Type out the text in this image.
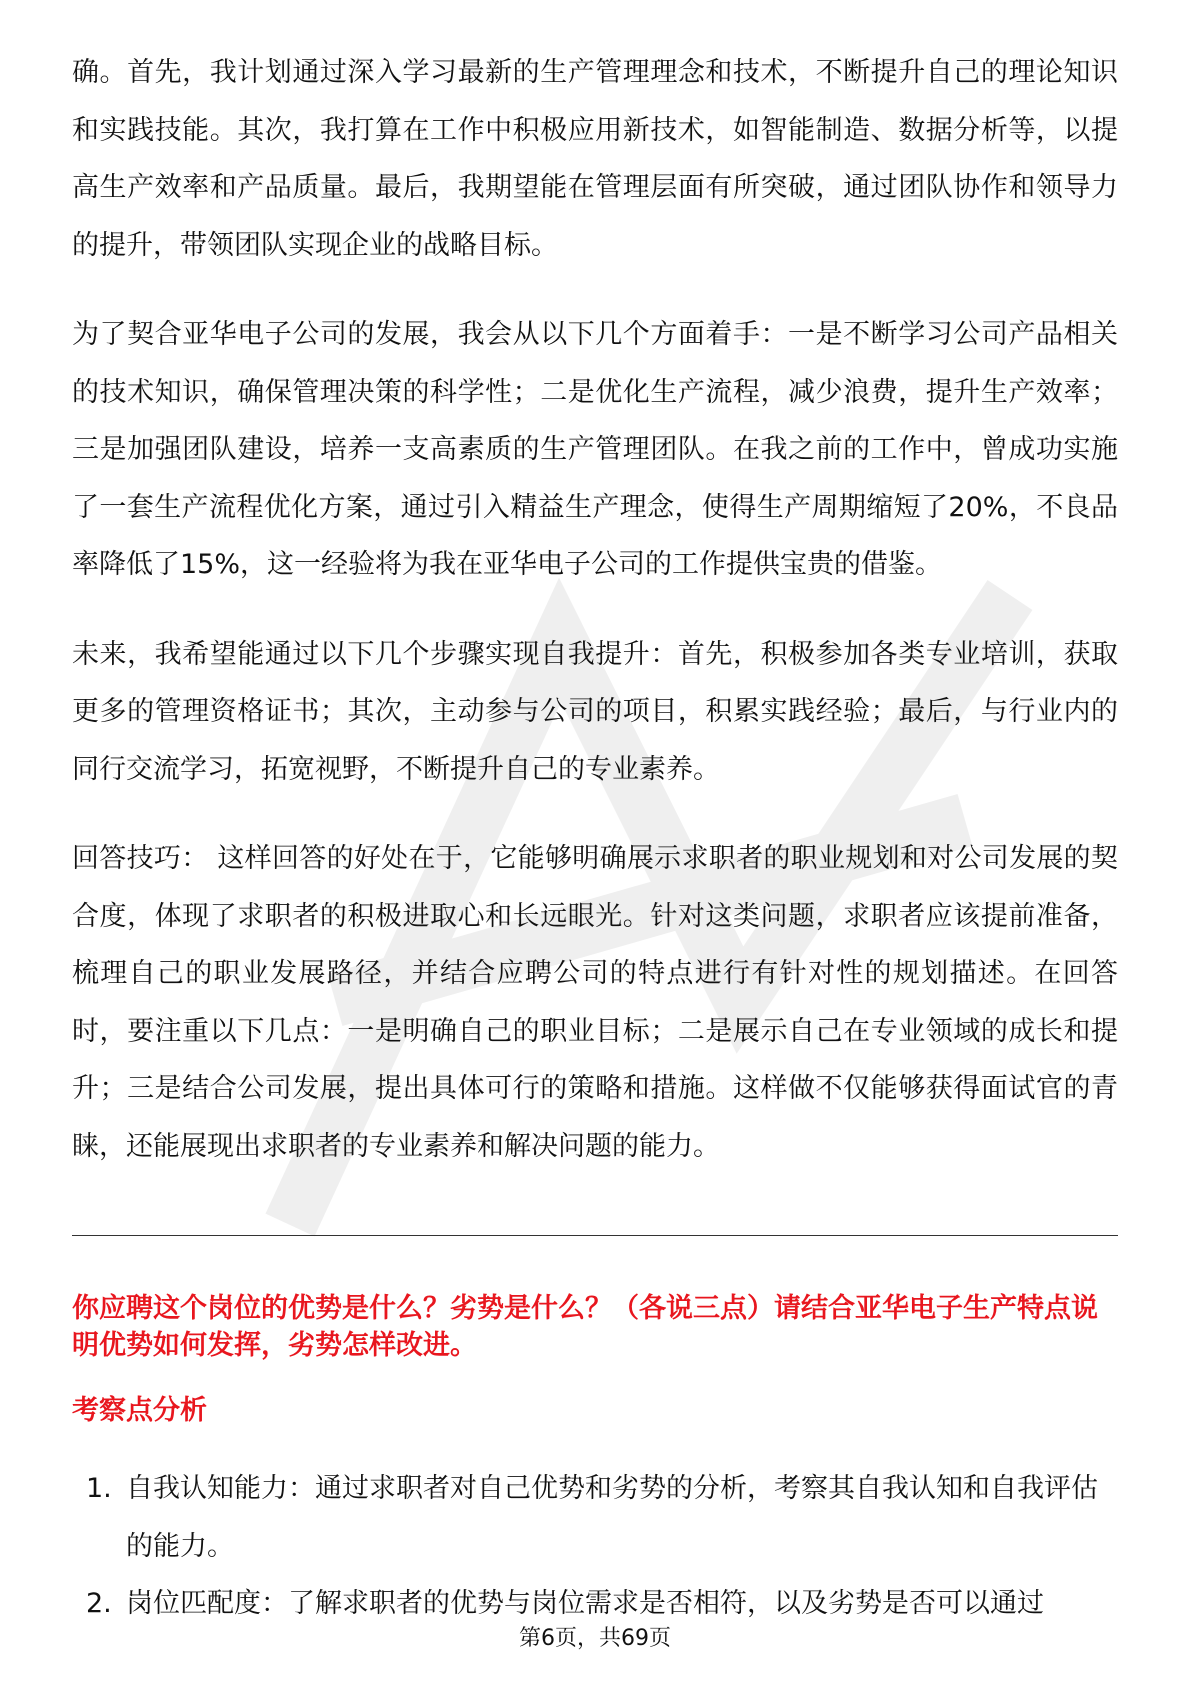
确。首先，我计划通过深入学习最新的生产管理理念和技术，不断提升自己的理论知识和实践技能。其次，我打算在工作中积极应用新技术，如智能制造、数据分析等，以提高生产效率和产品质量。最后，我期望能在管理层面有所突破，通过团队协作和领导力的提升，带领团队实现企业的战略目标。

为了契合亚华电子公司的发展，我会从以下几个方面着手：一是不断学习公司产品相关的技术知识，确保管理决策的科学性；二是优化生产流程，减少浪费，提升生产效率；三是加强团队建设，培养一支高素质的生产管理团队。在我之前的工作中，曾成功实施了一套生产流程优化方案，通过引入精益生产理念，使得生产周期缩短了20%，不良品率降低了15%，这一经验将为我在亚华电子公司的工作提供宝贵的借鉴。

未来，我希望能通过以下几个步骤实现自我提升：首先，积极参加各类专业培训，获取更多的管理资格证书；其次，主动参与公司的项目，积累实践经验；最后，与行业内的同行交流学习，拓宽视野，不断提升自己的专业素养。

回答技巧： 这样回答的好处在于，它能够明确展示求职者的职业规划和对公司发展的契合度，体现了求职者的积极进取心和长远眼光。针对这类问题，求职者应该提前准备，梳理自己的职业发展路径，并结合应聘公司的特点进行有针对性的规划描述。在回答时，要注重以下几点：一是明确自己的职业目标；二是展示自己在专业领域的成长和提升；三是结合公司发展，提出具体可行的策略和措施。这样做不仅能够获得面试官的青睐，还能展现出求职者的专业素养和解决问题的能力。

你应聘这个岗位的优势是什么？劣势是什么？（各说三点）请结合亚华电子生产特点说明优势如何发挥，劣势怎样改进。

考察点分析

1. 自我认知能力：通过求职者对自己优势和劣势的分析，考察其自我认知和自我评估的能力。
2. 岗位匹配度：了解求职者的优势与岗位需求是否相符，以及劣势是否可以通过
第6页，共69页
